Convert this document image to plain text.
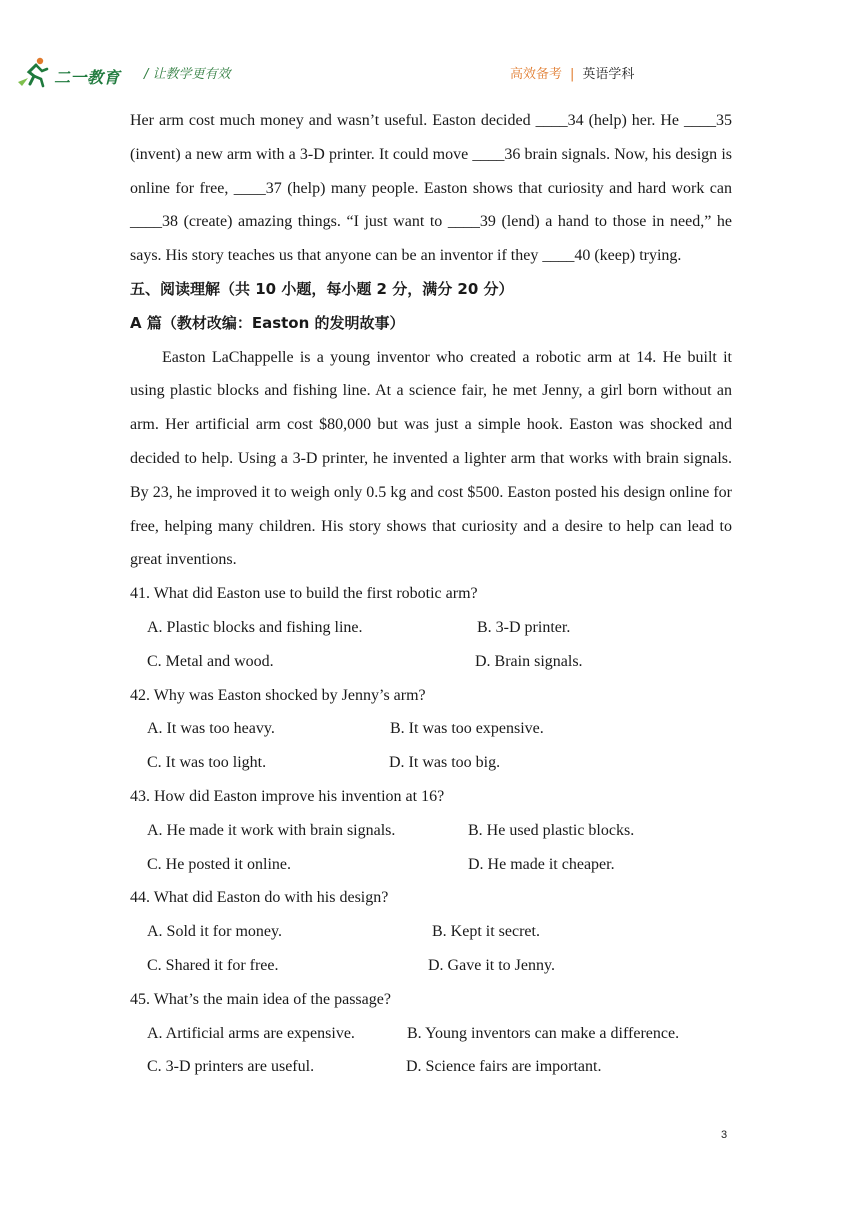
二一教育 / 让教学更有效	高效备考 | 英语学科

Her arm cost much money and wasn’t useful. Easton decided ____34 (help) her. He ____35 (invent) a new arm with a 3-D printer. It could move ____36 brain signals. Now, his design is online for free, ____37 (help) many people. Easton shows that curiosity and hard work can ____38 (create) amazing things. “I just want to ____39 (lend) a hand to those in need,” he says. His story teaches us that anyone can be an inventor if they ____40 (keep) trying.

五、阅读理解（共 10 小题，每小题 2 分，满分 20 分）

A 篇（教材改编：Easton 的发明故事）

Easton LaChappelle is a young inventor who created a robotic arm at 14. He built it using plastic blocks and fishing line. At a science fair, he met Jenny, a girl born without an arm. Her artificial arm cost $80,000 but was just a simple hook. Easton was shocked and decided to help. Using a 3-D printer, he invented a lighter arm that works with brain signals. By 23, he improved it to weigh only 0.5 kg and cost $500. Easton posted his design online for free, helping many children. His story shows that curiosity and a desire to help can lead to great inventions.

41. What did Easton use to build the first robotic arm?

A. Plastic blocks and fishing line.	B. 3-D printer.
C. Metal and wood.	D. Brain signals.

42. Why was Easton shocked by Jenny’s arm?

A. It was too heavy.	B. It was too expensive.
C. It was too light.	D. It was too big.

43. How did Easton improve his invention at 16?

A. He made it work with brain signals.	B. He used plastic blocks.
C. He posted it online.	D. He made it cheaper.

44. What did Easton do with his design?

A. Sold it for money.	B. Kept it secret.
C. Shared it for free.	D. Gave it to Jenny.

45. What’s the main idea of the passage?

A. Artificial arms are expensive.	B. Young inventors can make a difference.
C. 3-D printers are useful.	D. Science fairs are important.
3
